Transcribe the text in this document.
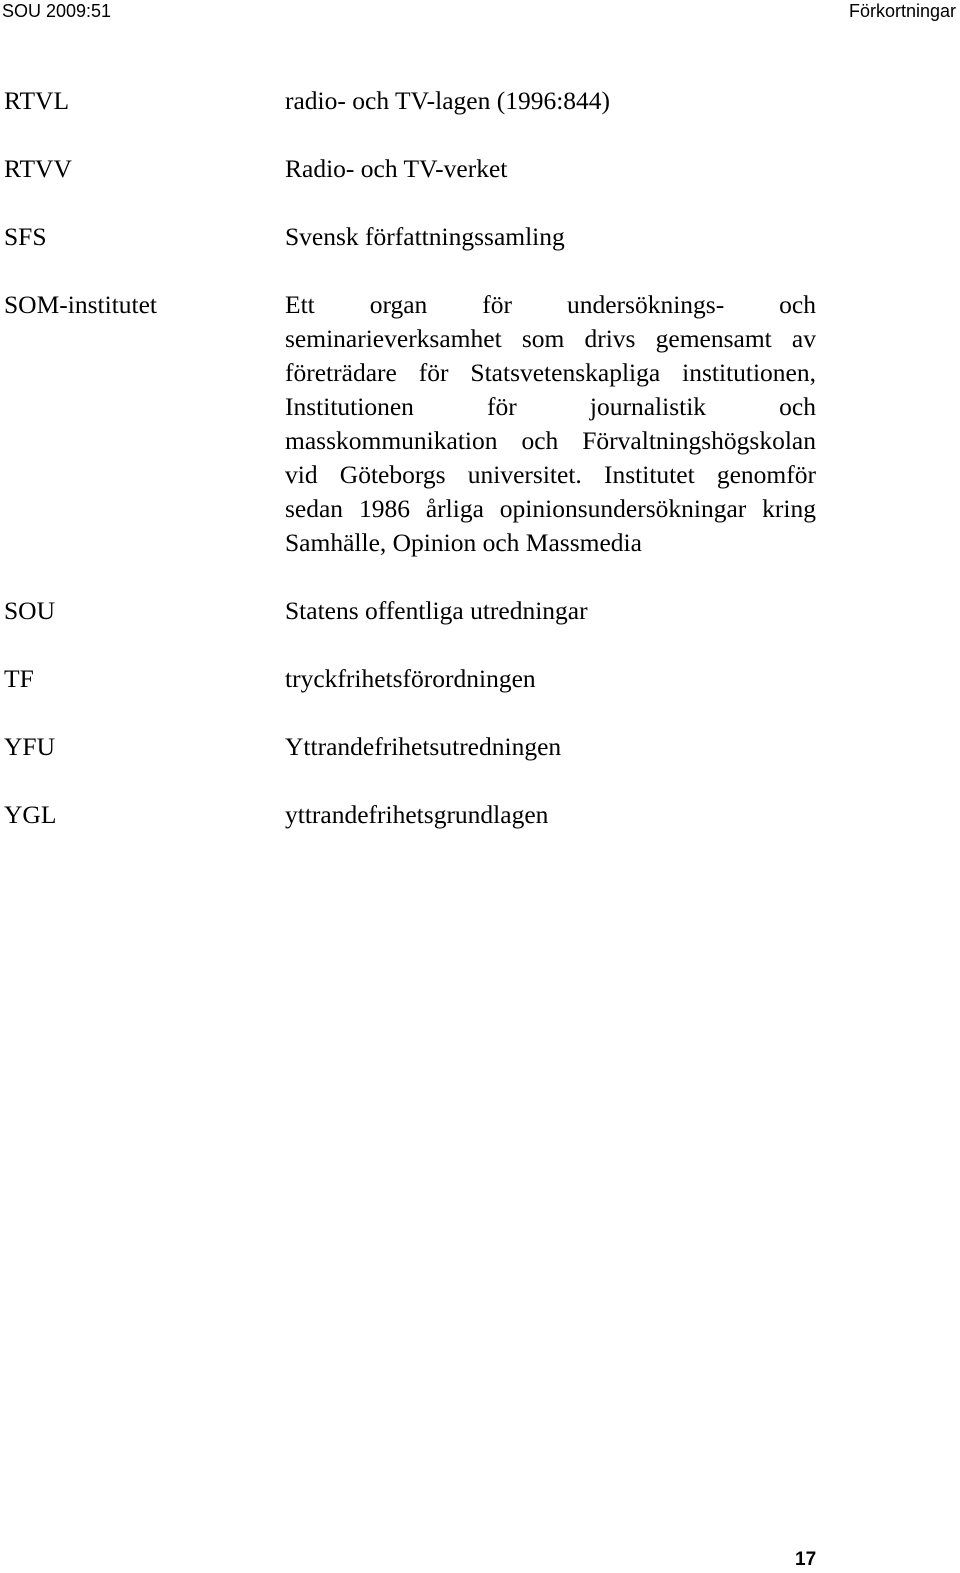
SOU 2009:51	Förkortningar
RTVL	radio- och TV-lagen (1996:844)
RTVV	Radio- och TV-verket
SFS	Svensk författningssamling
SOM-institutet	Ett organ för undersöknings- och seminarieverksamhet som drivs gemensamt av företrädare för Statsvetenskapliga institutionen, Institutionen för journalistik och masskommunikation och Förvaltningshögskolan vid Göteborgs universitet. Institutet genomför sedan 1986 årliga opinionsundersökningar kring Samhälle, Opinion och Massmedia
SOU	Statens offentliga utredningar
TF	tryckfrihetsförordningen
YFU	Yttrandefrihetsutredningen
YGL	yttrandefrihetsgrundlagen
17
